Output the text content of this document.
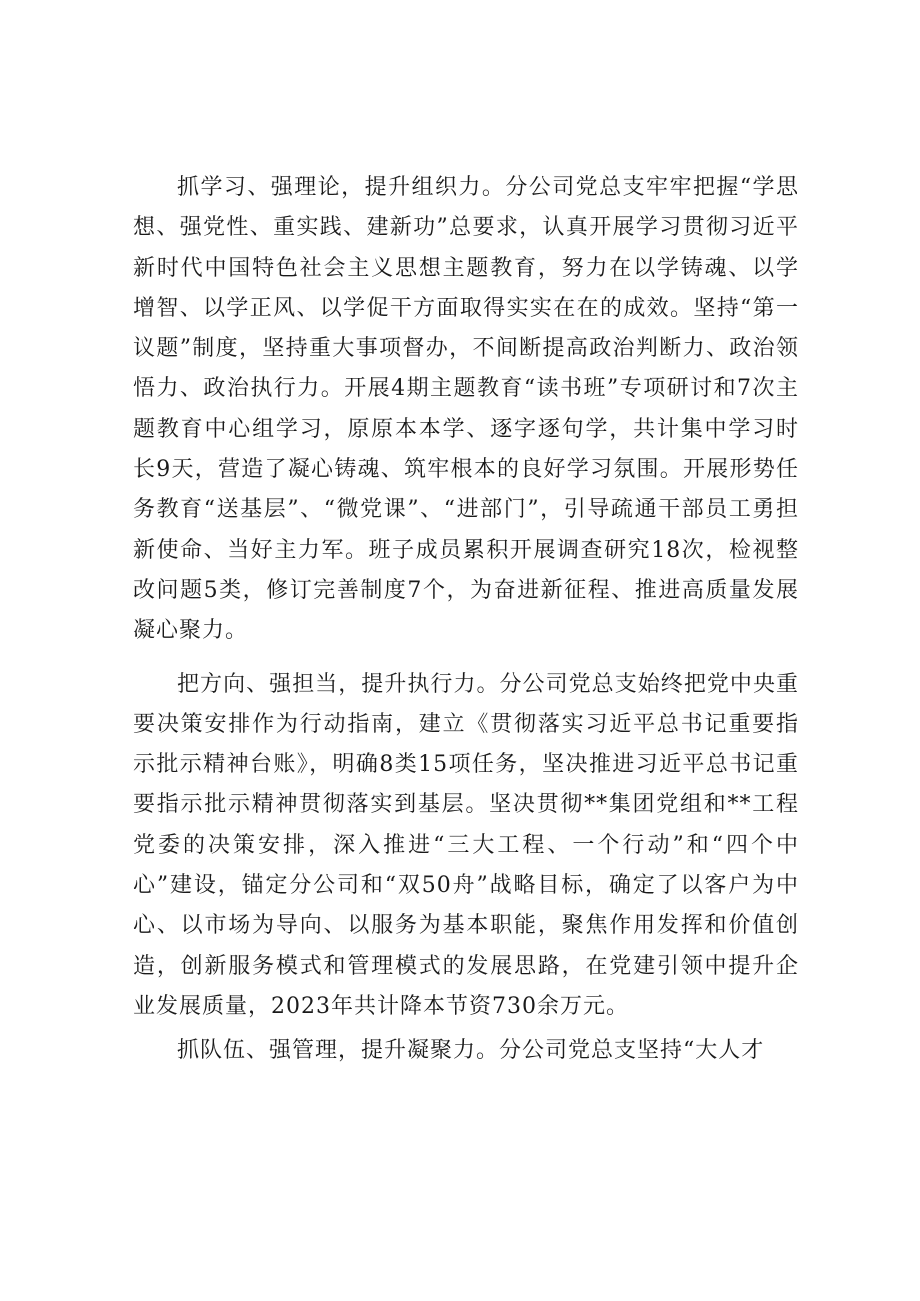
抓学习、强理论，提升组织力。分公司党总支牢牢把握“学思想、强党性、重实践、建新功”总要求，认真开展学习贯彻习近平新时代中国特色社会主义思想主题教育，努力在以学铸魂、以学增智、以学正风、以学促干方面取得实实在在的成效。坚持“第一议题”制度，坚持重大事项督办，不间断提高政治判断力、政治领悟力、政治执行力。开展4期主题教育“读书班”专项研讨和7次主题教育中心组学习，原原本本学、逐字逐句学，共计集中学习时长9天，营造了凝心铸魂、筑牢根本的良好学习氛围。开展形势任务教育“送基层”、“微党课”、“进部门”，引导疏通干部员工勇担新使命、当好主力军。班子成员累积开展调查研究18次，检视整改问题5类，修订完善制度7个，为奋进新征程、推进高质量发展凝心聚力。

把方向、强担当，提升执行力。分公司党总支始终把党中央重要决策安排作为行动指南，建立《贯彻落实习近平总书记重要指示批示精神台账》，明确8类15项任务，坚决推进习近平总书记重要指示批示精神贯彻落实到基层。坚决贯彻**集团党组和**工程党委的决策安排，深入推进“三大工程、一个行动”和“四个中心”建设，锚定分公司和“双50舟”战略目标，确定了以客户为中心、以市场为导向、以服务为基本职能，聚焦作用发挥和价值创造，创新服务模式和管理模式的发展思路，在党建引领中提升企业发展质量，2023年共计降本节资730余万元。

抓队伍、强管理，提升凝聚力。分公司党总支坚持“大人才
